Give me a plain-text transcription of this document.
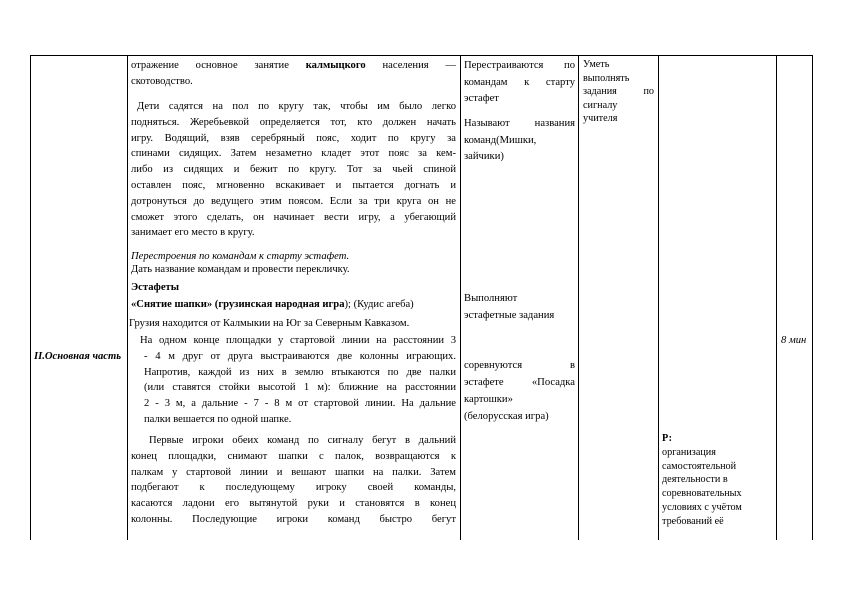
II.Основная часть
отражение основное занятие калмыцкого населения —
скотоводство.
Дети садятся на пол по кругу так, чтобы им было легко
подняться. Жеребьевкой определяется тот, кто должен начать
игру. Водящий, взяв серебряный пояс, ходит по кругу за
спинами сидящих. Затем незаметно кладет этот пояс за кем-
либо из сидящих и бежит по кругу. Тот за чьей спиной
оставлен пояс, мгновенно вскакивает и пытается догнать и
дотронуться до ведущего этим поясом. Если за три круга он не
сможет этого сделать, он начинает вести игру, а убегающий
занимает его место в кругу.
Перестроения по командам к старту эстафет.
Дать название командам и провести перекличку.
Эстафеты
«Снятие шапки» (грузинская народная игра); (Кудис агеба)
Грузия находится от Калмыкии на Юг за Северным Кавказом.
На одном конце площадки у стартовой линии на расстоянии 3
- 4 м друг от друга выстраиваются две колонны играющих.
Напротив, каждой из них в землю втыкаются по две палки
(или ставятся стойки высотой 1 м): ближние на расстоянии
2 - 3 м, а дальние - 7 - 8 м от стартовой линии. На дальние
палки вешается по одной шапке.
Первые игроки обеих команд по сигналу бегут в дальний
конец площадки, снимают шапки с палок, возвращаются к
палкам у стартовой линии и вешают шапки на палки. Затем
подбегают к последующему игроку своей команды,
касаются ладони его вытянутой руки и становятся в конец
колонны. Последующие игроки команд быстро бегут
Перестраиваются по
командам к старту
эстафет
Называют названия
команд(Мишки,
зайчики)
Выполняют
эстафетные задания
соревнуются в
эстафете «Посадка
картошки»
(белорусская игра)
Уметь
выполнять
задания по
сигналу
учителя
Р:
организация
самостоятельной
деятельности в
соревновательных
условиях с учётом
требований её
8 мин
